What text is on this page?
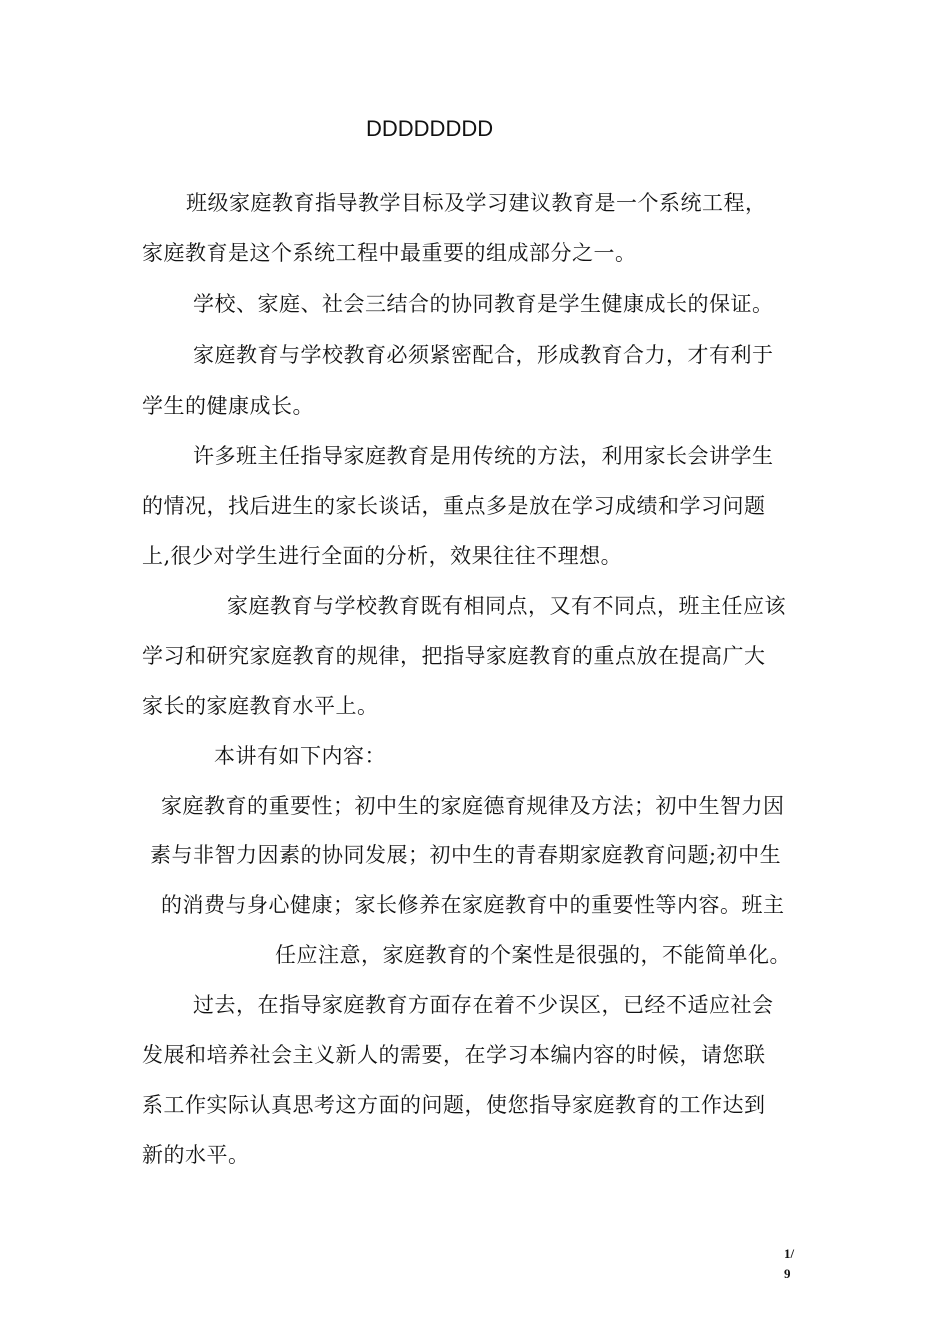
DDDDDDDD
班级家庭教育指导教学目标及学习建议教育是一个系统工程，
家庭教育是这个系统工程中最重要的组成部分之一。
学校、家庭、社会三结合的协同教育是学生健康成长的保证。
家庭教育与学校教育必须紧密配合，形成教育合力，才有利于
学生的健康成长。
许多班主任指导家庭教育是用传统的方法，利用家长会讲学生
的情况，找后进生的家长谈话，重点多是放在学习成绩和学习问题
上,很少对学生进行全面的分析，效果往往不理想。
家庭教育与学校教育既有相同点，又有不同点，班主任应该
学习和研究家庭教育的规律，把指导家庭教育的重点放在提高广大
家长的家庭教育水平上。
本讲有如下内容：
家庭教育的重要性；初中生的家庭德育规律及方法；初中生智力因
素与非智力因素的协同发展；初中生的青春期家庭教育问题;初中生
的消费与身心健康；家长修养在家庭教育中的重要性等内容。班主
任应注意，家庭教育的个案性是很强的，不能简单化。
过去，在指导家庭教育方面存在着不少误区，已经不适应社会
发展和培养社会主义新人的需要，在学习本编内容的时候，请您联
系工作实际认真思考这方面的问题，使您指导家庭教育的工作达到
新的水平。
1/
9
